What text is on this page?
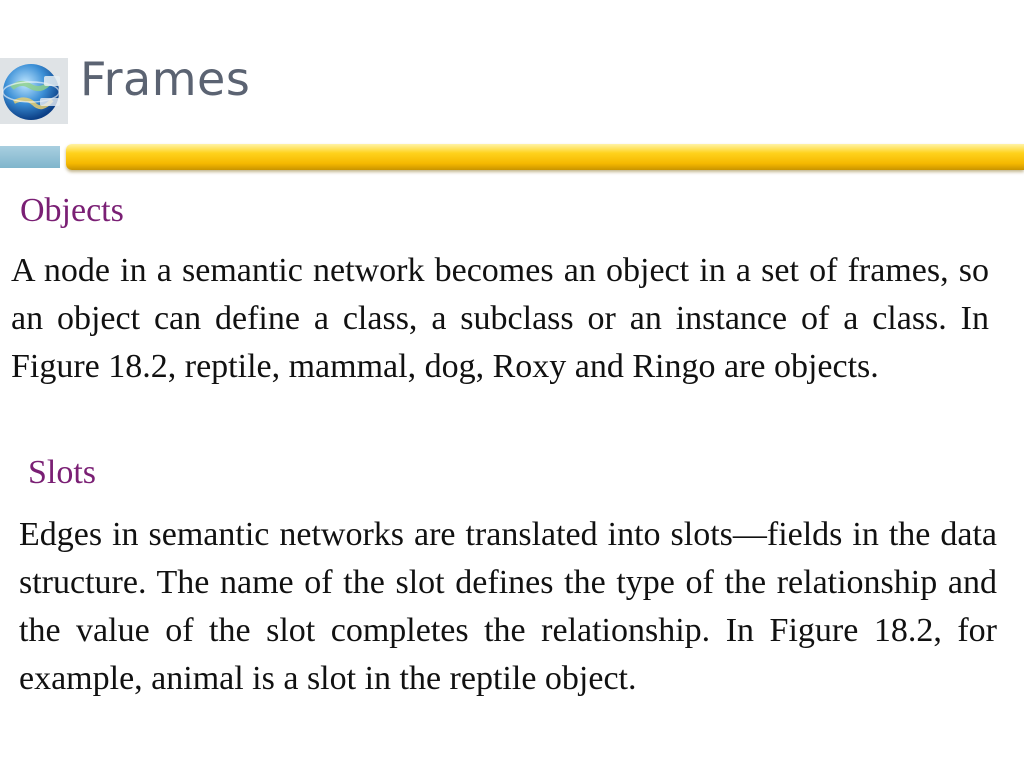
Frames
Objects

A node in a semantic network becomes an object in a set of frames, so an object can define a class, a subclass or an instance of a class. In Figure 18.2, reptile, mammal, dog, Roxy and Ringo are objects.

Slots

Edges in semantic networks are translated into slots—fields in the data structure. The name of the slot defines the type of the relationship and the value of the slot completes the relationship. In Figure 18.2, for example, animal is a slot in the reptile object.
